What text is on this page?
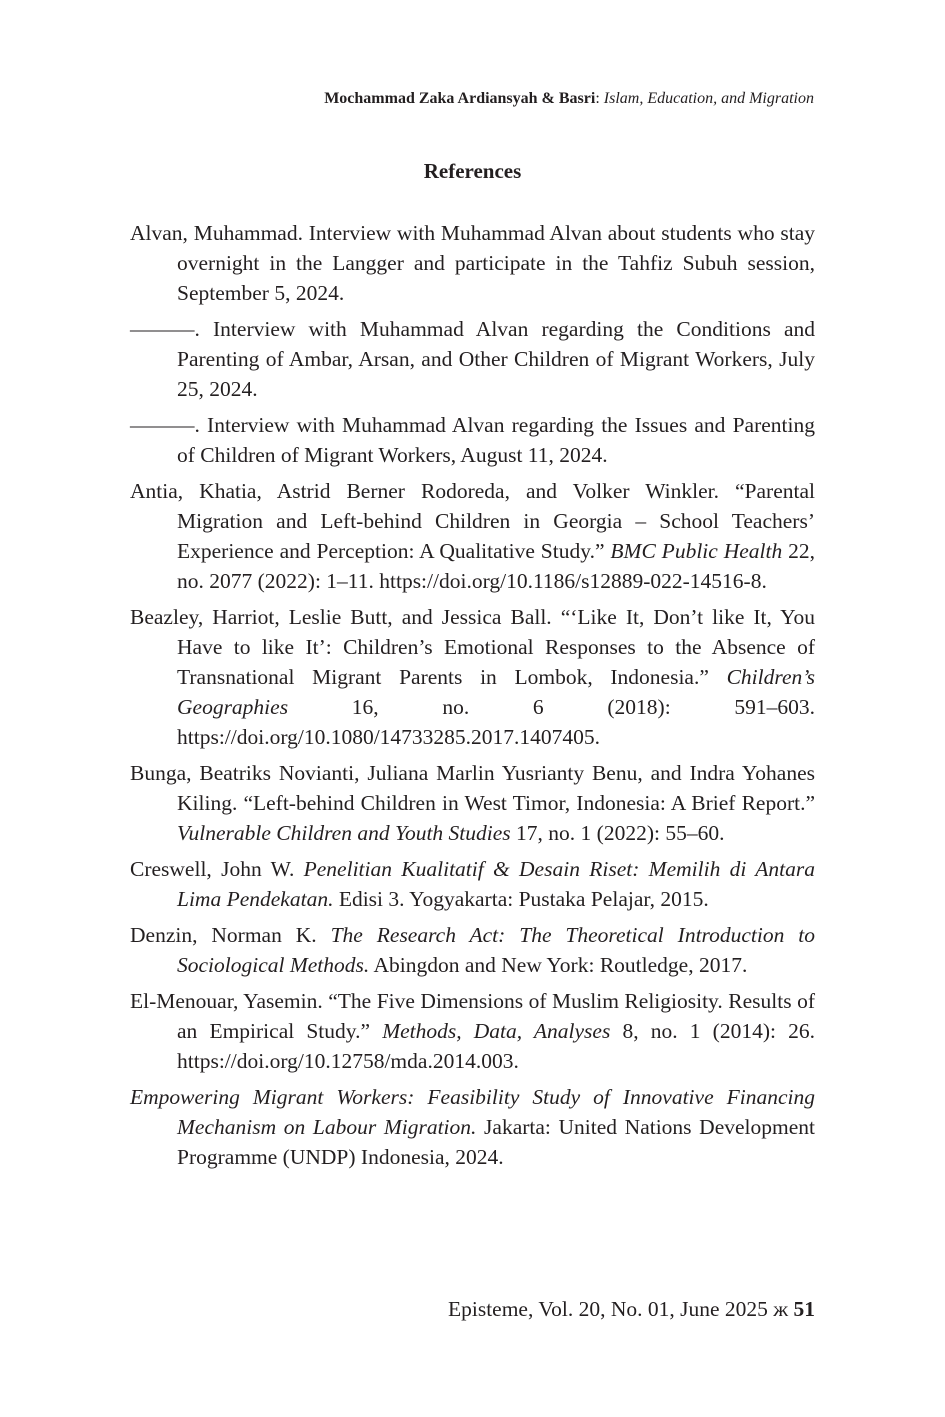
Mochammad Zaka Ardiansyah & Basri: Islam, Education, and Migration
References

Alvan, Muhammad. Interview with Muhammad Alvan about students who stay overnight in the Langger and participate in the Tahfiz Subuh session, September 5, 2024.

———. Interview with Muhammad Alvan regarding the Conditions and Parenting of Ambar, Arsan, and Other Children of Migrant Workers, July 25, 2024.

———. Interview with Muhammad Alvan regarding the Issues and Parenting of Children of Migrant Workers, August 11, 2024.

Antia, Khatia, Astrid Berner Rodoreda, and Volker Winkler. “Parental Migration and Left-behind Children in Georgia – School Teachers’ Experience and Perception: A Qualitative Study.” BMC Public Health 22, no. 2077 (2022): 1–11. https://doi.org/10.1186/s12889-022-14516-8.

Beazley, Harriot, Leslie Butt, and Jessica Ball. “‘Like It, Don’t like It, You Have to like It’: Children’s Emotional Responses to the Absence of Transnational Migrant Parents in Lombok, Indonesia.” Children’s Geographies 16, no. 6 (2018): 591–603. https://doi.org/10.1080/14733285.2017.1407405.

Bunga, Beatriks Novianti, Juliana Marlin Yusrianty Benu, and Indra Yohanes Kiling. “Left-behind Children in West Timor, Indonesia: A Brief Report.” Vulnerable Children and Youth Studies 17, no. 1 (2022): 55–60.

Creswell, John W. Penelitian Kualitatif & Desain Riset: Memilih di Antara Lima Pendekatan. Edisi 3. Yogyakarta: Pustaka Pelajar, 2015.

Denzin, Norman K. The Research Act: The Theoretical Introduction to Sociological Methods. Abingdon and New York: Routledge, 2017.

El-Menouar, Yasemin. “The Five Dimensions of Muslim Religiosity. Results of an Empirical Study.” Methods, Data, Analyses 8, no. 1 (2014): 26. https://doi.org/10.12758/mda.2014.003.

Empowering Migrant Workers: Feasibility Study of Innovative Financing Mechanism on Labour Migration. Jakarta: United Nations Development Programme (UNDP) Indonesia, 2024.

Episteme, Vol. 20, No. 01, June 2025 ж 51
